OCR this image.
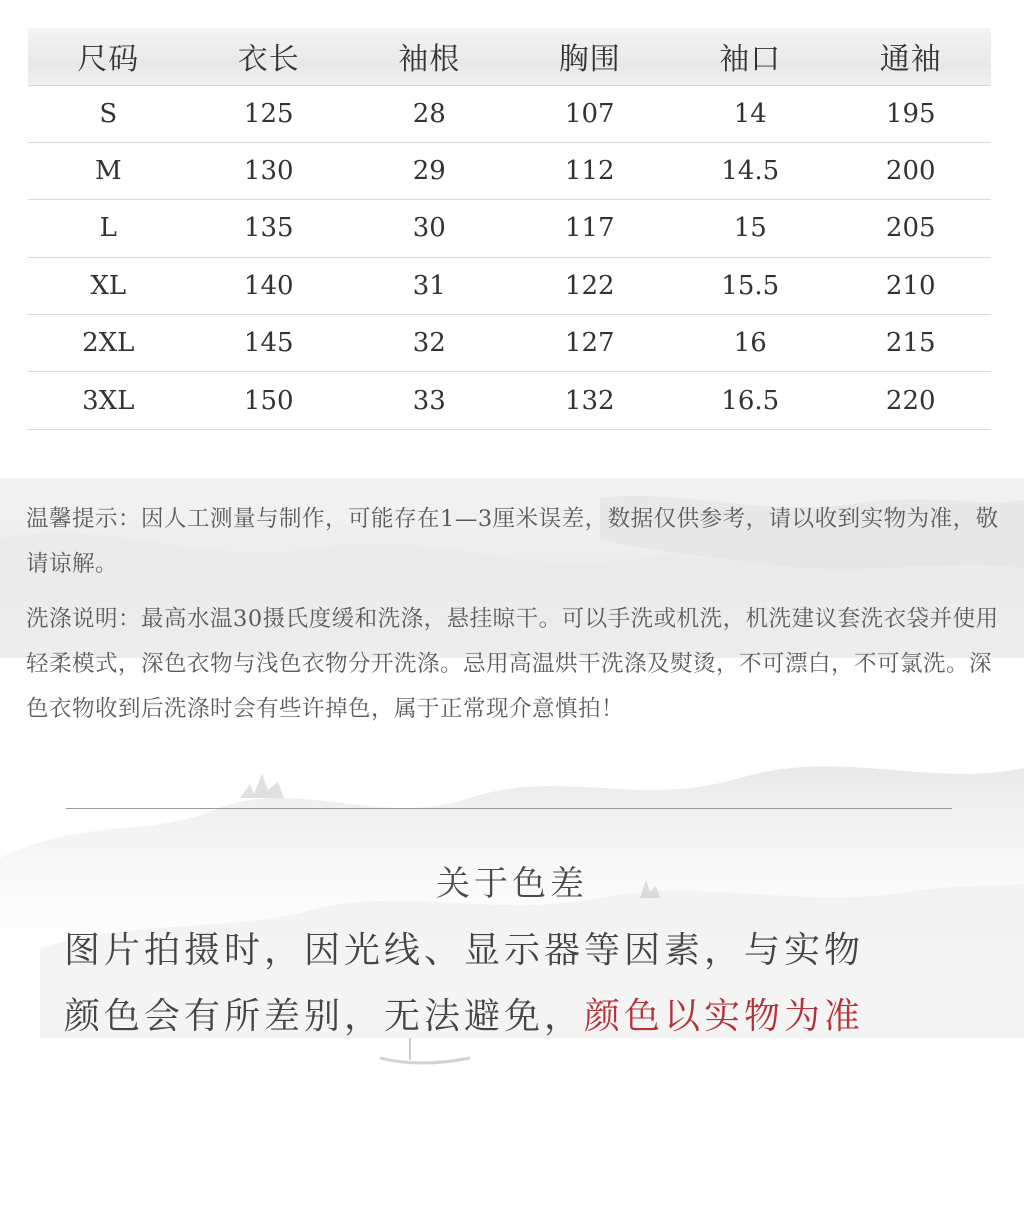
尺码	衣长	袖根	胸围	袖口	通袖
S	125	28	107	14	195
M	130	29	112	14.5	200
L	135	30	117	15	205
XL	140	31	122	15.5	210
2XL	145	32	127	16	215
3XL	150	33	132	16.5	220
温馨提示：因人工测量与制作，可能存在1—3厘米误差，数据仅供参考，请以收到实物为准，敬请谅解。
洗涤说明：最高水温30摄氏度缓和洗涤，悬挂晾干。可以手洗或机洗，机洗建议套洗衣袋并使用轻柔模式，深色衣物与浅色衣物分开洗涤。忌用高温烘干洗涤及熨烫，不可漂白，不可氯洗。深色衣物收到后洗涤时会有些许掉色，属于正常现介意慎拍！
关于色差
图片拍摄时，因光线、显示器等因素，与实物
颜色会有所差别，无法避免，颜色以实物为准
